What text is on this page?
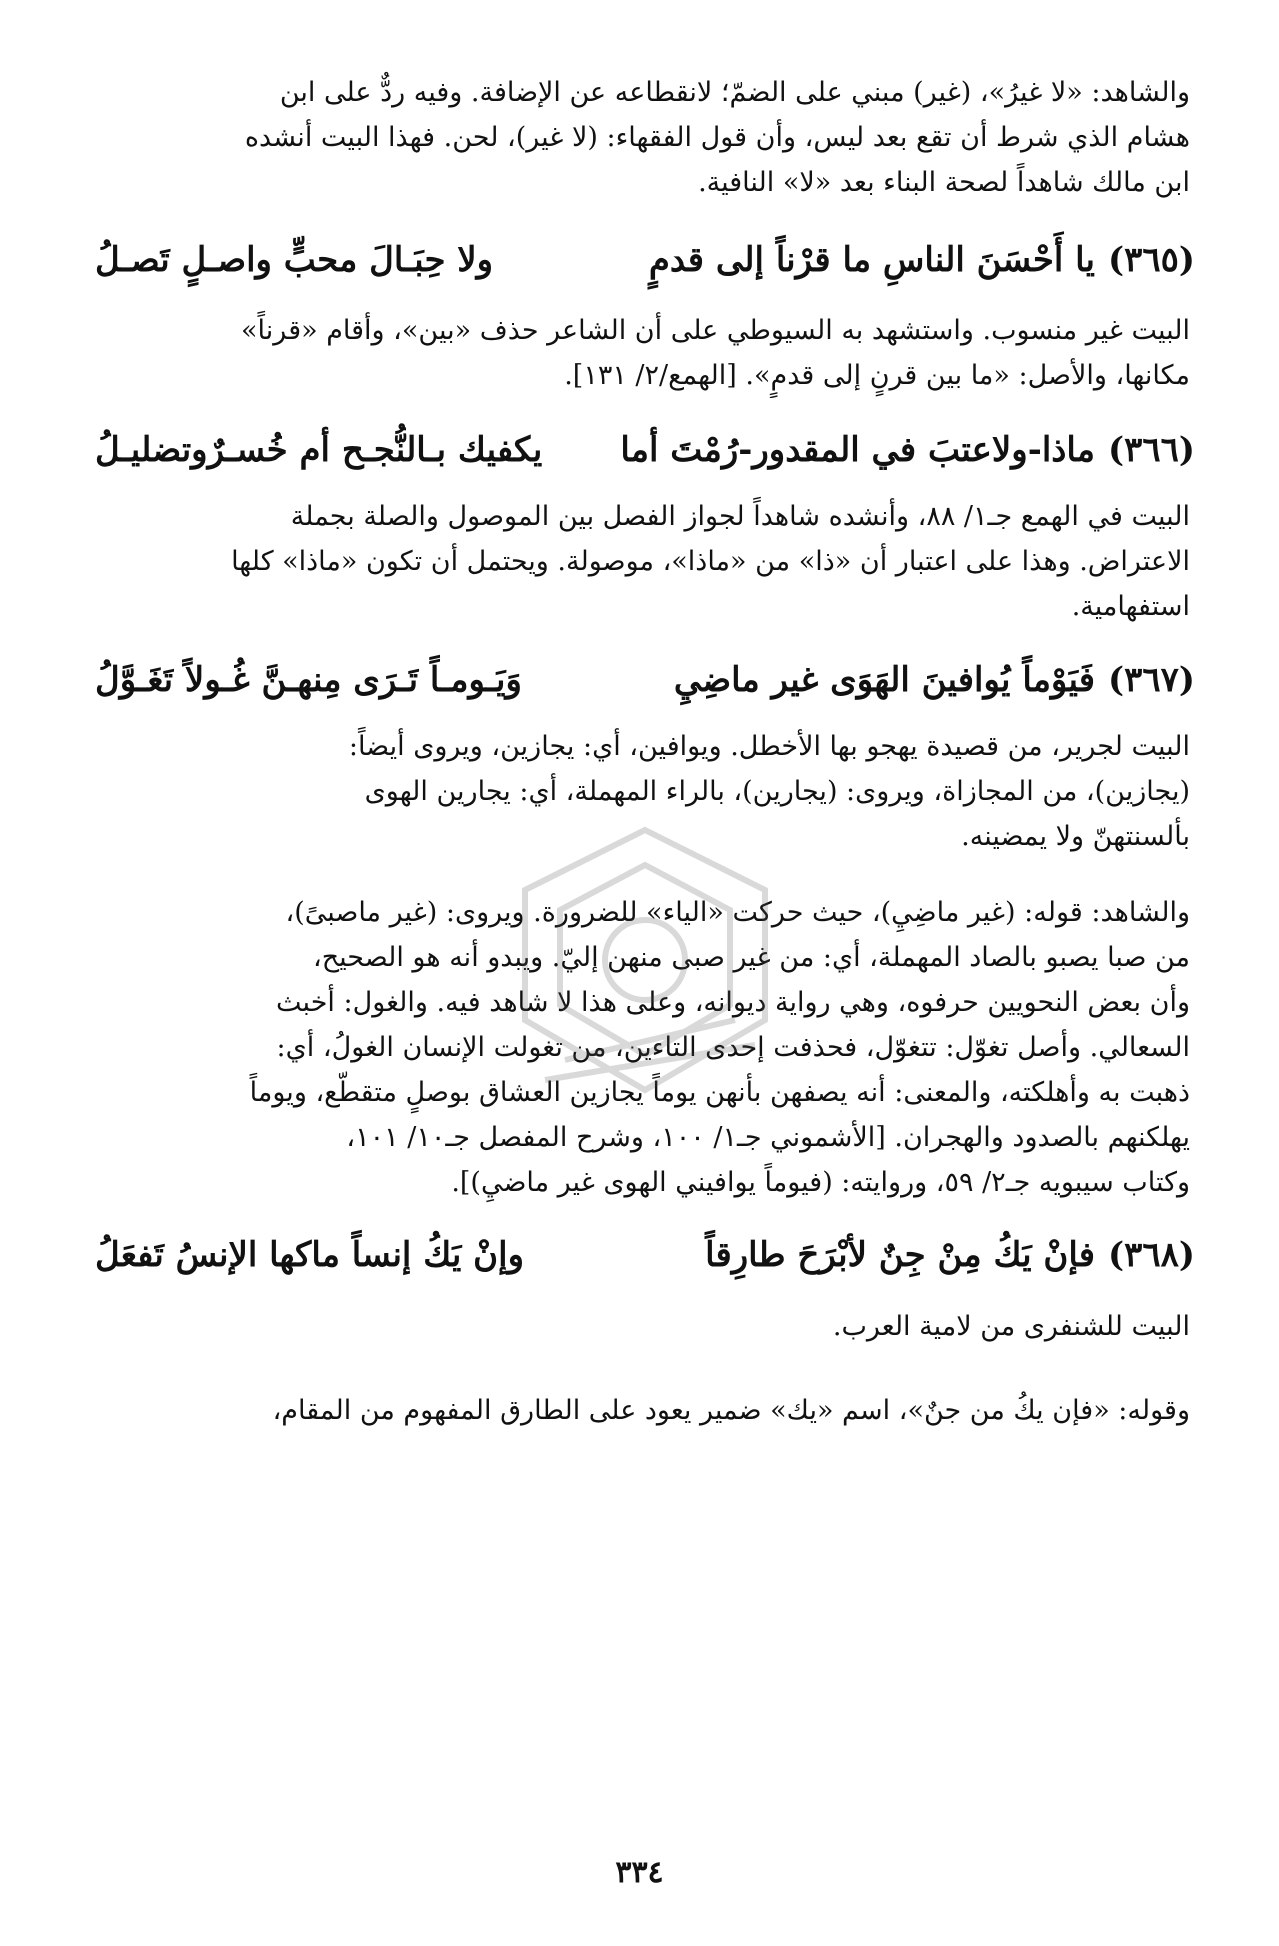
والشاهد: «لا غيرُ»، (غير) مبني على الضمّ؛ لانقطاعه عن الإضافة. وفيه ردٌّ على ابن
هشام الذي شرط أن تقع بعد ليس، وأن قول الفقهاء: (لا غير)، لحن. فهذا البيت أنشده
ابن مالك شاهداً لصحة البناء بعد «لا» النافية.
(٣٦٥)
يا أَحْسَنَ الناسِ ما قرْناً إلى قدمٍ
ولا حِبَـالَ محبٍّ واصـلٍ تَصـلُ
البيت غير منسوب. واستشهد به السيوطي على أن الشاعر حذف «بين»، وأقام «قرناً»
مكانها، والأصل: «ما بين قرنٍ إلى قدمٍ». [الهمع/٢/ ١٣١].
(٣٦٦)
ماذا-ولاعتبَ في المقدور-رُمْتَ أما
يكفيك بـالنُّجـح أم خُسـرٌوتضليـلُ
البيت في الهمع جـ١/ ٨٨، وأنشده شاهداً لجواز الفصل بين الموصول والصلة بجملة
الاعتراض. وهذا على اعتبار أن «ذا» من «ماذا»، موصولة. ويحتمل أن تكون «ماذا» كلها
استفهامية.
(٣٦٧)
فَيَوْماً يُوافينَ الهَوَى غير ماضِيِ
وَيَـومـاً تَـرَى مِنهـنَّ غُـولاً تَغَـوَّلُ
البيت لجرير، من قصيدة يهجو بها الأخطل. ويوافين، أي: يجازين، ويروى أيضاً:
(يجازين)، من المجازاة، ويروى: (يجارين)، بالراء المهملة، أي: يجارين الهوى
بألسنتهنّ ولا يمضينه.
والشاهد: قوله: (غير ماضِيِ)، حيث حركت «الياء» للضرورة. ويروى: (غير ماصبىً)،
من صبا يصبو بالصاد المهملة، أي: من غير صبى منهن إليّ. ويبدو أنه هو الصحيح،
وأن بعض النحويين حرفوه، وهي رواية ديوانه، وعلى هذا لا شاهد فيه. والغول: أخبث
السعالي. وأصل تغوّل: تتغوّل، فحذفت إحدى التاءين، من تغولت الإنسان الغولُ، أي:
ذهبت به وأهلكته، والمعنى: أنه يصفهن بأنهن يوماً يجازين العشاق بوصلٍ متقطّع، ويوماً
يهلكنهم بالصدود والهجران. [الأشموني جـ١/ ١٠٠، وشرح المفصل جـ١٠/ ١٠١،
وكتاب سيبويه جـ٢/ ٥٩، وروايته: (فيوماً يوافيني الهوى غير ماضيِ)].
(٣٦٨)
فإنْ يَكُ مِنْ جِنٌ لأبْرَحَ طارِقاً
وإنْ يَكُ إنساً ماكها الإنسُ تَفعَلُ
البيت للشنفرى من لامية العرب.
وقوله: «فإن يكُ من جنٌ»، اسم «يك» ضمير يعود على الطارق المفهوم من المقام،
٣٣٤
